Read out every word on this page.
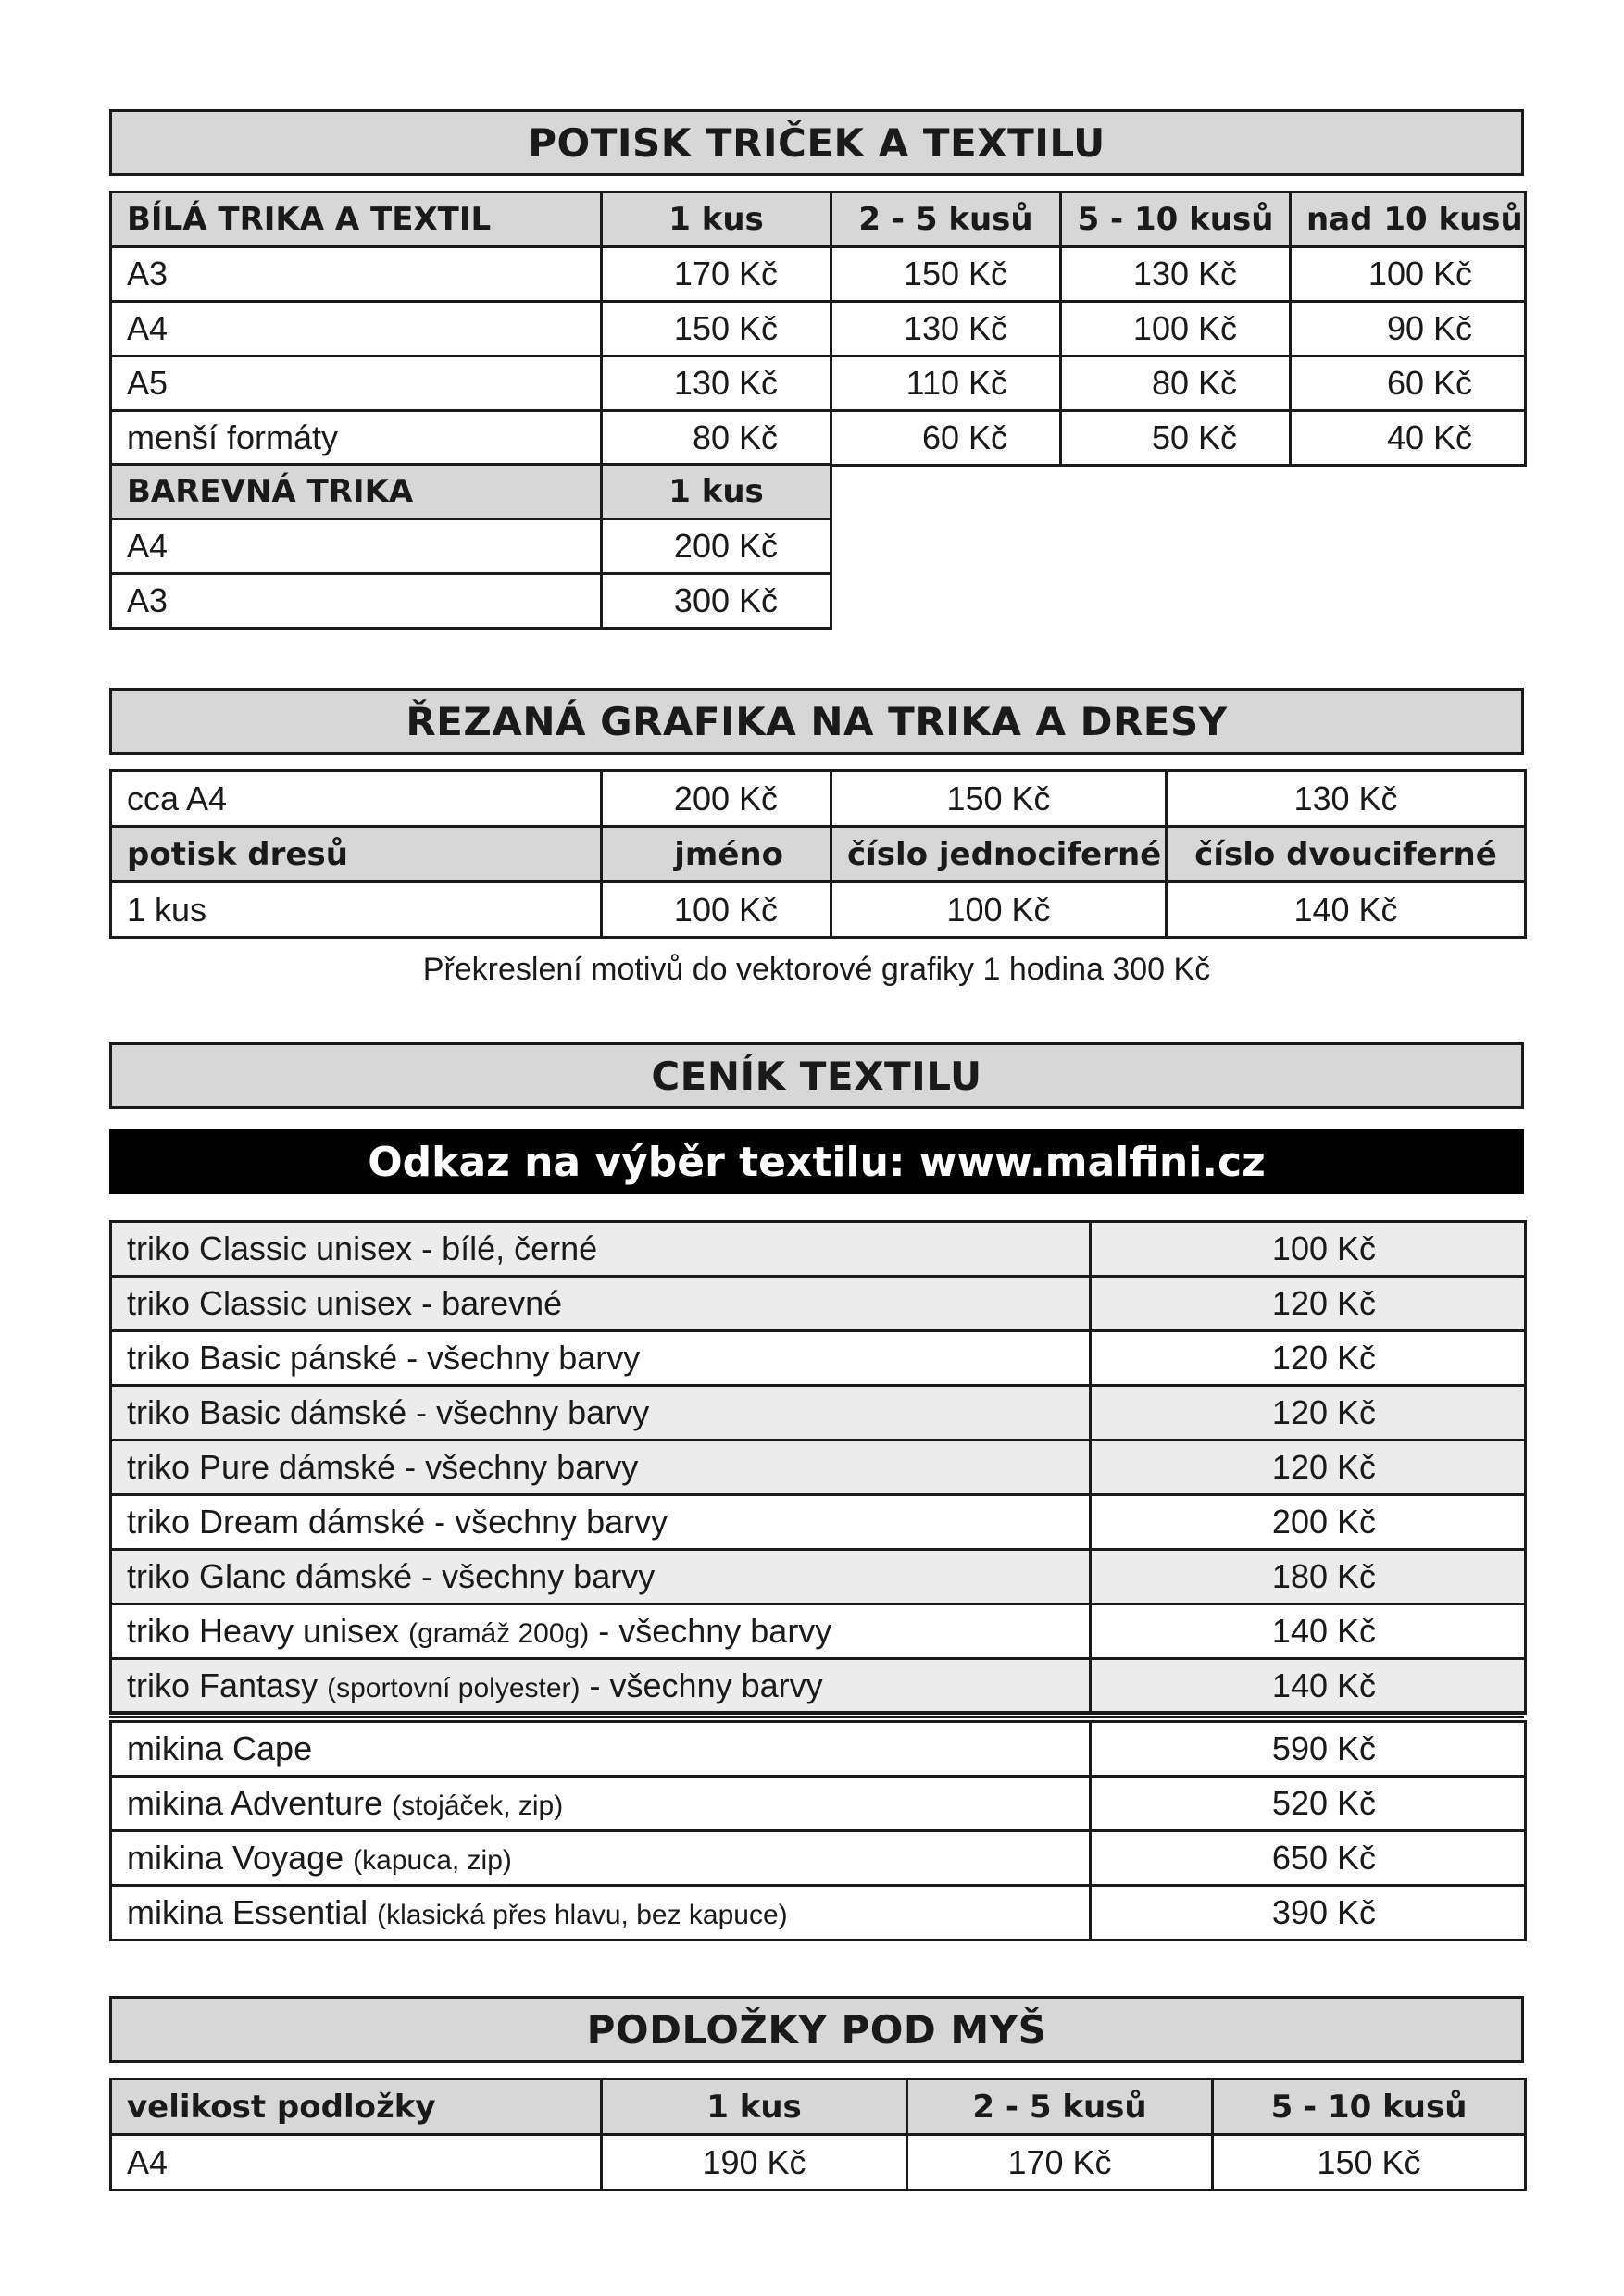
POTISK TRIČEK A TEXTILU
BÍLÁ TRIKA A TEXTIL	1 kus	2 - 5 kusů	5 - 10 kusů	nad 10 kusů
A3	170 Kč	150 Kč	130 Kč	100 Kč
A4	150 Kč	130 Kč	100 Kč	90 Kč
A5	130 Kč	110 Kč	80 Kč	60 Kč
menší formáty	80 Kč	60 Kč	50 Kč	40 Kč
BAREVNÁ TRIKA	1 kus
A4	200 Kč
A3	300 Kč
ŘEZANÁ GRAFIKA NA TRIKA A DRESY
cca A4	200 Kč	150 Kč	130 Kč
potisk dresů	jméno	číslo jednociferné	číslo dvouciferné
1 kus	100 Kč	100 Kč	140 Kč
Překreslení motivů do vektorové grafiky 1 hodina 300 Kč
CENÍK TEXTILU
Odkaz na výběr textilu: www.malfini.cz
triko Classic unisex - bílé, černé	100 Kč
triko Classic unisex - barevné	120 Kč
triko Basic pánské - všechny barvy	120 Kč
triko Basic dámské - všechny barvy	120 Kč
triko Pure dámské - všechny barvy	120 Kč
triko Dream dámské - všechny barvy	200 Kč
triko Glanc dámské - všechny barvy	180 Kč
triko Heavy unisex (gramáž 200g) - všechny barvy	140 Kč
triko Fantasy (sportovní polyester) - všechny barvy	140 Kč
mikina Cape	590 Kč
mikina Adventure (stojáček, zip)	520 Kč
mikina Voyage (kapuca, zip)	650 Kč
mikina Essential (klasická přes hlavu, bez kapuce)	390 Kč
PODLOŽKY POD MYŠ
velikost podložky	1 kus	2 - 5 kusů	5 - 10 kusů
A4	190 Kč	170 Kč	150 Kč
